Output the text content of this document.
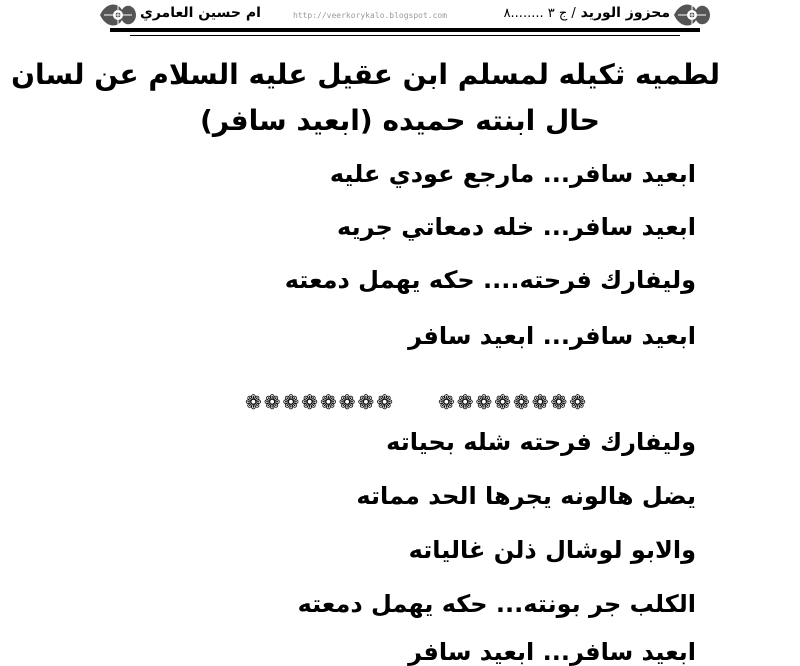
محزوز الوريد / ج ٣ ........٨
ام حسين العامري	http://veerkorykalo.blogspot.com
لطميه ثكيله لمسلم ابن عقيل عليه السلام عن لسان
حال ابنته حميده (ابعيد سافر)
ابعيد سافر... مارجع عودي عليه
ابعيد سافر... خله دمعاتي جريه
وليفارك فرحته.... حكه يهمل دمعته
ابعيد سافر... ابعيد سافر
❁❁❁❁❁❁❁❁ ❁❁❁❁❁❁❁❁
وليفارك فرحته شله بحياته
يضل هالونه يجرها الحد مماته
والابو لوشال ذلن غالياته
الكلب جر بونته... حكه يهمل دمعته
ابعيد سافر... ابعيد سافر
